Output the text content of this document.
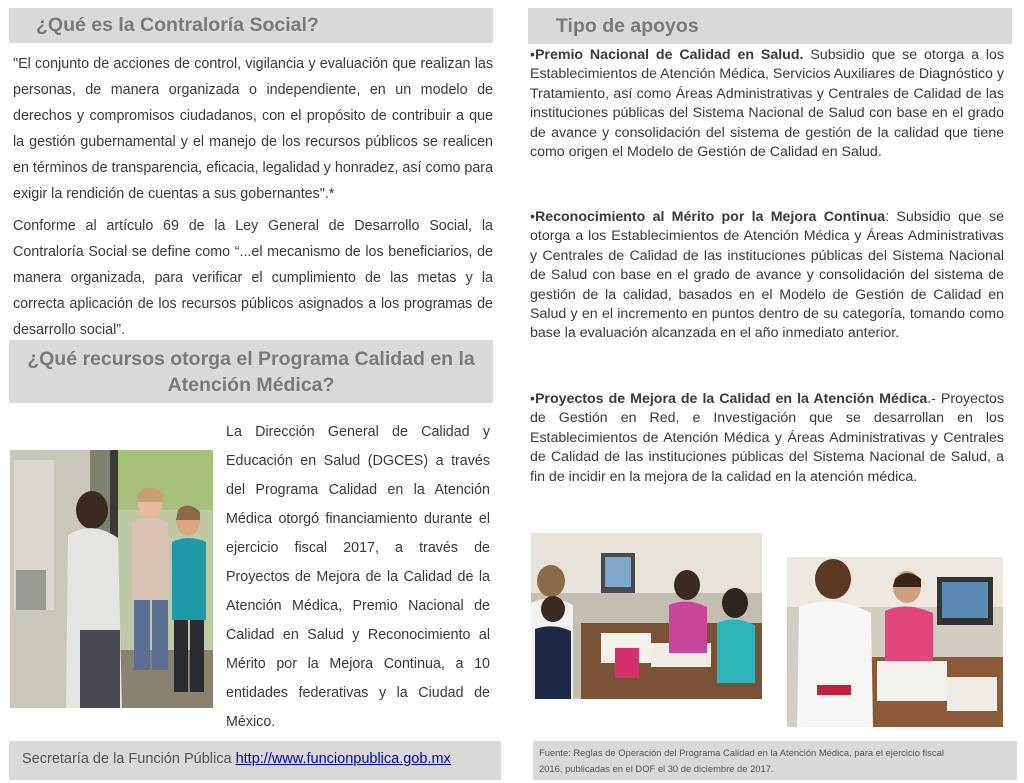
¿Qué es la Contraloría Social?

"El conjunto de acciones de control, vigilancia y evaluación que realizan las personas, de manera organizada o independiente, en un modelo de derechos y compromisos ciudadanos, con el propósito de contribuir a que la gestión gubernamental y el manejo de los recursos públicos se realicen en términos de transparencia, eficacia, legalidad y honradez, así como para exigir la rendición de cuentas a sus gobernantes".*

Conforme al artículo 69 de la Ley General de Desarrollo Social, la Contraloría Social se define como “...el mecanismo de los beneficiarios, de manera organizada, para verificar el cumplimiento de las metas y la correcta aplicación de los recursos públicos asignados a los programas de desarrollo social”.

¿Qué recursos otorga el Programa Calidad en la
Atención Médica?

La Dirección General de Calidad y Educación en Salud (DGCES) a través del Programa Calidad en la Atención Médica otorgó financiamiento durante el ejercicio fiscal 2017, a través de Proyectos de Mejora de la Calidad de la Atención Médica, Premio Nacional de Calidad en Salud y Reconocimiento al Mérito por la Mejora Continua, a 10 entidades federativas y la Ciudad de México.

Tipo de apoyos
•Premio Nacional de Calidad en Salud. Subsidio que se otorga a los Establecimientos de Atención Médica, Servicios Auxiliares de Diagnóstico y Tratamiento, así como Áreas Administrativas y Centrales de Calidad de las instituciones públicas del Sistema Nacional de Salud con base en el grado de avance y consolidación del sistema de gestión de la calidad que tiene como origen el Modelo de Gestión de Calidad en Salud.
•Reconocimiento al Mérito por la Mejora Continua: Subsidio que se otorga a los Establecimientos de Atención Médica y Áreas Administrativas y Centrales de Calidad de las instituciones públicas del Sistema Nacional de Salud con base en el grado de avance y consolidación del sistema de gestión de la calidad, basados en el Modelo de Gestión de Calidad en Salud y en el incremento en puntos dentro de su categoría, tomando como base la evaluación alcanzada en el año inmediato anterior.
•Proyectos de Mejora de la Calidad en la Atención Médica.- Proyectos de Gestión en Red, e Investigación que se desarrollan en los Establecimientos de Atención Médica y Áreas Administrativas y Centrales de Calidad de las instituciones públicas del Sistema Nacional de Salud, a fin de incidir en la mejora de la calidad en la atención médica.
Secretaría de la Función Pública http://www.funcionpublica.gob.mx	Fuente: Reglas de Operación del Programa Calidad en la Atención Médica, para el ejercicio fiscal
2016, publicadas en el DOF el 30 de diciembre de 2017.
